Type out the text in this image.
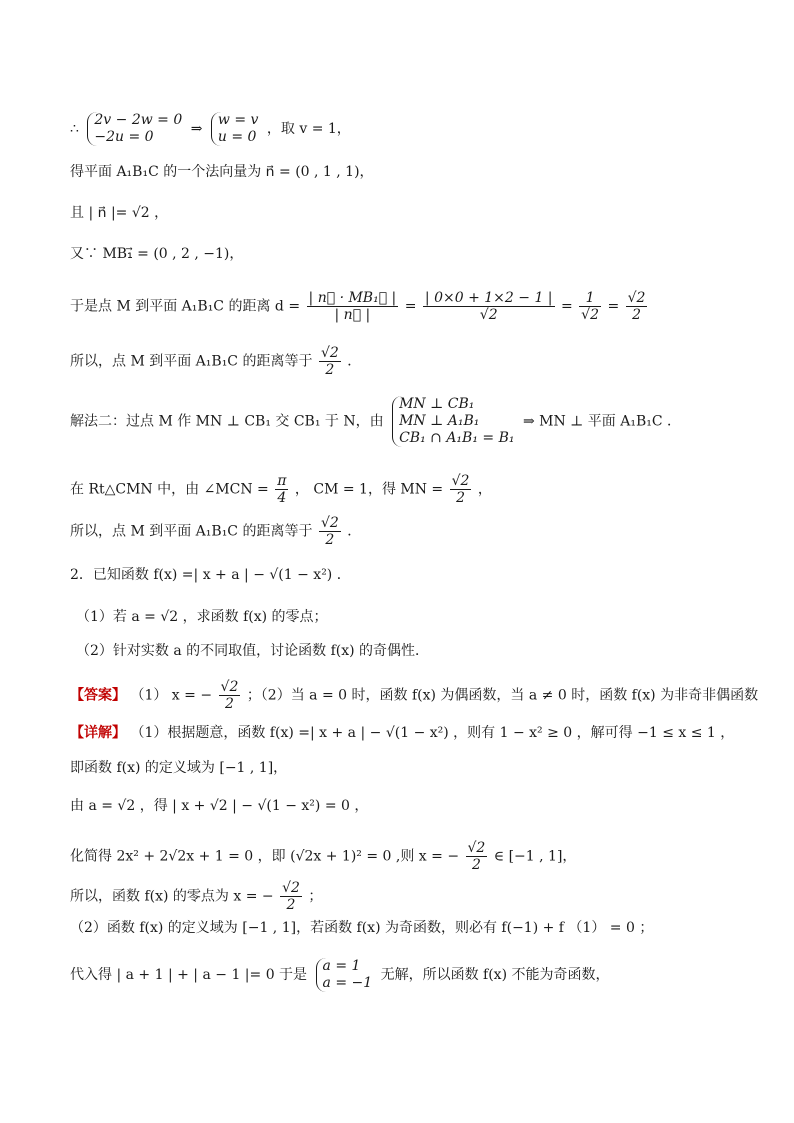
∴
2v − 2w = 0
−2u = 0	⇒
w = v
u = 0 ，取 v = 1，
得平面 A₁B₁C 的一个法向量为 n⃗ = (0 , 1 , 1)，
且 | n⃗ |= √2 ，
又∵ MB₁⃗ = (0 , 2 , −1)，
于是点 M 到平面 A₁B₁C 的距离 $d = \frac{\text{| n⃗ · MB₁⃗ |}}{| n⃗ |} = \frac{| 0\times 0 + 1\times 2 - 1 |}{√2} = \frac{1}{√2} = \frac{√2}{2}$
所以，点 M 到平面 A₁B₁C 的距离等于 $\frac{√2}{2}$ ．
解法二：过点 M 作 MN ⊥ CB₁ 交 CB₁ 于 N，由
MN ⊥ CB₁
MN ⊥ A₁B₁
CB₁ ∩ A₁B₁ = B₁
⇒ MN ⊥ 平面 A₁B₁C ．
在 Rt△CMN 中，由 ∠MCN = $\frac{\pi}{4}$ ， CM = 1，得 MN = $\frac{√2}{2}$ ，
所以，点 M 到平面 A₁B₁C 的距离等于 $\frac{√2}{2}$ ．
2．已知函数 f(x) =| x + a | − √(1 − x²) ．
（1）若 a = √2 ，求函数 f(x) 的零点；
（2）针对实数 a 的不同取值，讨论函数 f(x) 的奇偶性．
【答案】 （1） x = − $\frac{√2}{2}$ ；（2）当 a = 0 时，函数 f(x) 为偶函数，当 a ≠ 0 时，函数 f(x) 为非奇非偶函数
【详解】 （1）根据题意，函数 f(x) =| x + a | − √(1 − x²) ，则有 1 − x² ≥ 0 ，解可得 −1 ≤ x ≤ 1 ，
即函数 f(x) 的定义域为 [−1 , 1]，
由 a = √2 ，得 | x + √2 | − √(1 − x²) = 0 ，
化简得 2x² + 2√2x + 1 = 0 ，即 (√2x + 1)² = 0 ,则 x = − $\frac{√2}{2}$ ∈ [−1 , 1]，
所以，函数 f(x) 的零点为 x = − $\frac{√2}{2}$ ；
（2）函数 f(x) 的定义域为 [−1 , 1]，若函数 f(x) 为奇函数，则必有 f(−1) + f （1） = 0 ；
代入得 | a + 1 | + | a − 1 |= 0 于是
a = 1
a = −1 无解，所以函数 f(x) 不能为奇函数，
